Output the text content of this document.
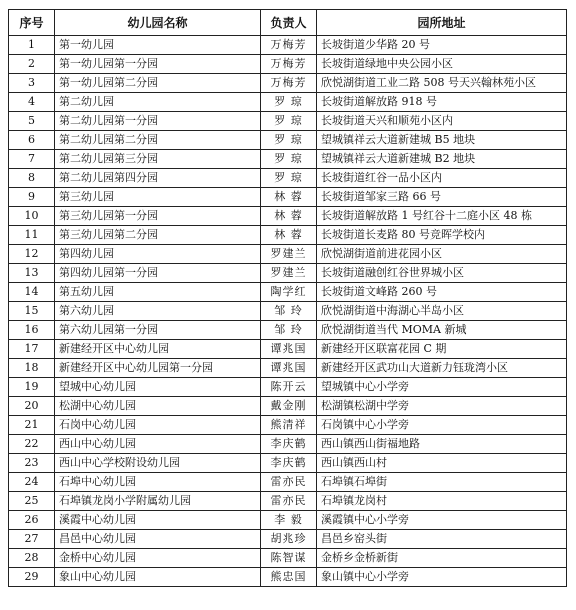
序号	幼儿园名称	负责人	园所地址
1	第一幼儿园	万梅芳	长坡街道少华路 20 号
2	第一幼儿园第一分园	万梅芳	长坡街道绿地中央公园小区
3	第一幼儿园第二分园	万梅芳	欣悦湖街道工业二路 508 号天兴翰林苑小区
4	第二幼儿园	罗 琼	长坡街道解放路 918 号
5	第二幼儿园第一分园	罗 琼	长坡街道天兴和顺苑小区内
6	第二幼儿园第二分园	罗 琼	望城镇祥云大道新建城 B5 地块
7	第二幼儿园第三分园	罗 琼	望城镇祥云大道新建城 B2 地块
8	第二幼儿园第四分园	罗 琼	长坡街道红谷一品小区内
9	第三幼儿园	林 蓉	长坡街道邹家三路 66 号
10	第三幼儿园第一分园	林 蓉	长坡街道解放路 1 号红谷十二庭小区 48 栋
11	第三幼儿园第二分园	林 蓉	长坡街道长麦路 80 号竞晖学校内
12	第四幼儿园	罗建兰	欣悦湖街道前进花园小区
13	第四幼儿园第一分园	罗建兰	长坡街道融创红谷世界城小区
14	第五幼儿园	陶学红	长坡街道文峰路 260 号
15	第六幼儿园	邹 玲	欣悦湖街道中海湖心半岛小区
16	第六幼儿园第一分园	邹 玲	欣悦湖街道当代 MOMA 新城
17	新建经开区中心幼儿园	谭兆国	新建经开区联富花园 C 期
18	新建经开区中心幼儿园第一分园	谭兆国	新建经开区武功山大道新力钰珑湾小区
19	望城中心幼儿园	陈开云	望城镇中心小学旁
20	松湖中心幼儿园	戴金刚	松湖镇松湖中学旁
21	石岗中心幼儿园	熊清祥	石岗镇中心小学旁
22	西山中心幼儿园	李庆鹤	西山镇西山街福地路
23	西山中心学校附设幼儿园	李庆鹤	西山镇西山村
24	石埠中心幼儿园	雷亦民	石埠镇石埠街
25	石埠镇龙岗小学附属幼儿园	雷亦民	石埠镇龙岗村
26	溪霞中心幼儿园	李 毅	溪霞镇中心小学旁
27	昌邑中心幼儿园	胡兆珍	昌邑乡窑头街
28	金桥中心幼儿园	陈智谋	金桥乡金桥新街
29	象山中心幼儿园	熊忠国	象山镇中心小学旁
